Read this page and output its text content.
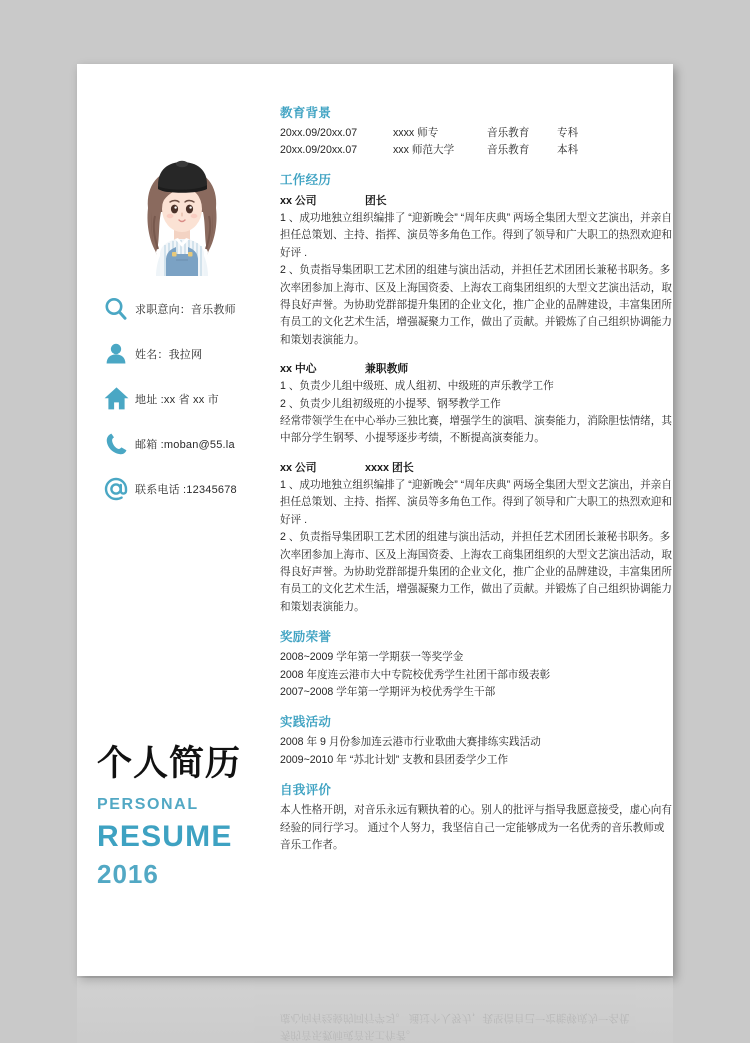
求职意向：音乐教师
姓名：我拉网
地址 :xx 省 xx 市
邮箱 :moban@55.la
联系电话 :12345678
个人简历
PERSONAL
RESUME
2016
教育背景
20xx.09/20xx.07	xxxx 师专	音乐教育	专科
20xx.09/20xx.07	xxx 师范大学	音乐教育	本科
工作经历
xx 公司	团长

1 、成功地独立组织编排了 “迎新晚会” “周年庆典” 两场全集团大型文艺演出，并亲自担任总策划、主持、指挥、演员等多角色工作。得到了领导和广大职工的热烈欢迎和好评 .

2 、负责指导集团职工艺术团的组建与演出活动，并担任艺术团团长兼秘书职务。多次率团参加上海市、区及上海国资委、上海农工商集团组织的大型文艺演出活动，取得良好声誉。为协助党群部提升集团的企业文化，推广企业的品牌建设，丰富集团所有员工的文化艺术生活，增强凝聚力工作，做出了贡献。并锻炼了自己组织协调能力和策划表演能力。

xx 中心	兼职教师

1 、负责少儿组中级班、成人组初、中级班的声乐教学工作

2 、负责少儿组初级班的小提琴、钢琴教学工作

经常带领学生在中心举办三独比赛，增强学生的演唱、演奏能力，消除胆怯情绪，其中部分学生钢琴、小提琴逐步考绩，不断提高演奏能力。

xx 公司	xxxx 团长

1 、成功地独立组织编排了 “迎新晚会” “周年庆典” 两场全集团大型文艺演出，并亲自担任总策划、主持、指挥、演员等多角色工作。得到了领导和广大职工的热烈欢迎和好评 .

2 、负责指导集团职工艺术团的组建与演出活动，并担任艺术团团长兼秘书职务。多次率团参加上海市、区及上海国资委、上海农工商集团组织的大型文艺演出活动，取得良好声誉。为协助党群部提升集团的企业文化，推广企业的品牌建设，丰富集团所有员工的文化艺术生活，增强凝聚力工作，做出了贡献。并锻炼了自己组织协调能力和策划表演能力。

奖励荣誉

2008~2009 学年第一学期获一等奖学金

2008 年度连云港市大中专院校优秀学生社团干部市级表彰

2007~2008 学年第一学期评为校优秀学生干部

实践活动

2008 年 9 月份参加连云港市行业歌曲大赛排练实践活动

2009~2010 年 “苏北计划” 支教和县团委学少工作

自我评价

本人性格开朗，对音乐永远有颗执着的心。别人的批评与指导我愿意接受，虚心向有经验的同行学习。 通过个人努力，我坚信自己一定能够成为一名优秀的音乐教师或音乐工作者。

秀的音乐教师或音乐工作者。
虚心向有经验的同行学习。 通过个人努力，我坚信自己一定能够成为一名优
